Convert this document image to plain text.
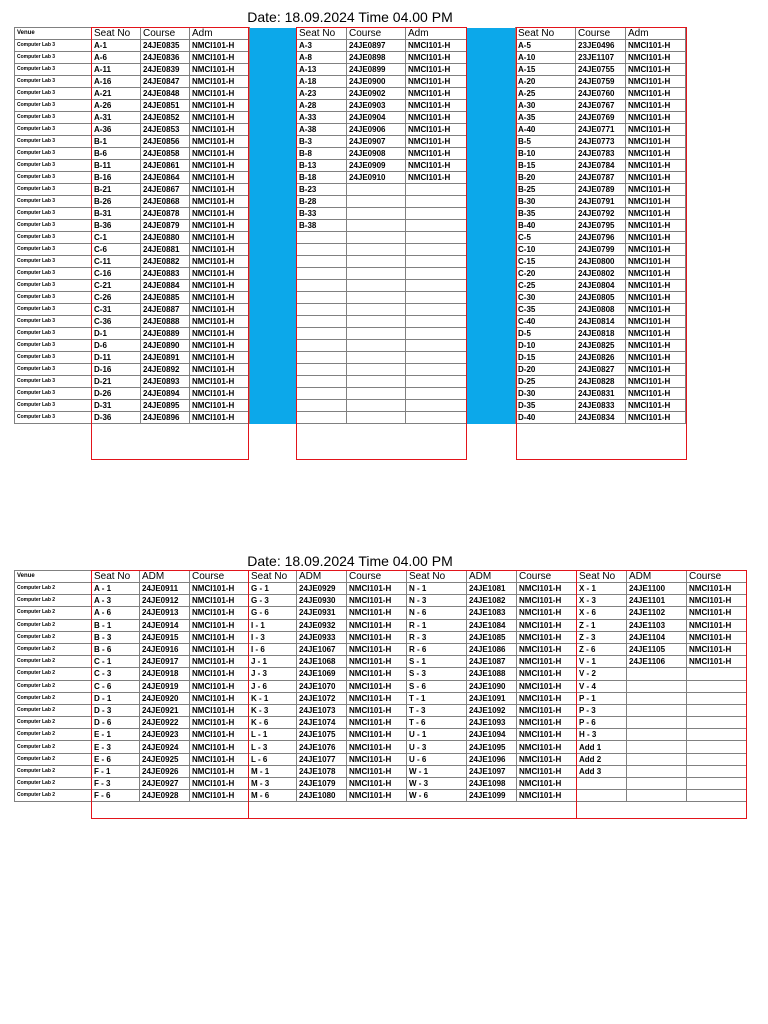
Date: 18.09.2024 Time 04.00 PM
Venue	Seat No	Course	Adm		Seat No	Course	Adm		Seat No	Course	Adm
Computer Lab 3	A-1	24JE0835	NMCI101-H		A-3	24JE0897	NMCI101-H		A-5	23JE0496	NMCI101-H
Computer Lab 3	A-6	24JE0836	NMCI101-H		A-8	24JE0898	NMCI101-H		A-10	23JE1107	NMCI101-H
Computer Lab 3	A-11	24JE0839	NMCI101-H		A-13	24JE0899	NMCI101-H		A-15	24JE0755	NMCI101-H
Computer Lab 3	A-16	24JE0847	NMCI101-H		A-18	24JE0900	NMCI101-H		A-20	24JE0759	NMCI101-H
Computer Lab 3	A-21	24JE0848	NMCI101-H		A-23	24JE0902	NMCI101-H		A-25	24JE0760	NMCI101-H
Computer Lab 3	A-26	24JE0851	NMCI101-H		A-28	24JE0903	NMCI101-H		A-30	24JE0767	NMCI101-H
Computer Lab 3	A-31	24JE0852	NMCI101-H		A-33	24JE0904	NMCI101-H		A-35	24JE0769	NMCI101-H
Computer Lab 3	A-36	24JE0853	NMCI101-H		A-38	24JE0906	NMCI101-H		A-40	24JE0771	NMCI101-H
Computer Lab 3	B-1	24JE0856	NMCI101-H		B-3	24JE0907	NMCI101-H		B-5	24JE0773	NMCI101-H
Computer Lab 3	B-6	24JE0858	NMCI101-H		B-8	24JE0908	NMCI101-H		B-10	24JE0783	NMCI101-H
Computer Lab 3	B-11	24JE0861	NMCI101-H		B-13	24JE0909	NMCI101-H		B-15	24JE0784	NMCI101-H
Computer Lab 3	B-16	24JE0864	NMCI101-H		B-18	24JE0910	NMCI101-H		B-20	24JE0787	NMCI101-H
Computer Lab 3	B-21	24JE0867	NMCI101-H		B-23				B-25	24JE0789	NMCI101-H
Computer Lab 3	B-26	24JE0868	NMCI101-H		B-28				B-30	24JE0791	NMCI101-H
Computer Lab 3	B-31	24JE0878	NMCI101-H		B-33				B-35	24JE0792	NMCI101-H
Computer Lab 3	B-36	24JE0879	NMCI101-H		B-38				B-40	24JE0795	NMCI101-H
Computer Lab 3	C-1	24JE0880	NMCI101-H						C-5	24JE0796	NMCI101-H
Computer Lab 3	C-6	24JE0881	NMCI101-H						C-10	24JE0799	NMCI101-H
Computer Lab 3	C-11	24JE0882	NMCI101-H						C-15	24JE0800	NMCI101-H
Computer Lab 3	C-16	24JE0883	NMCI101-H						C-20	24JE0802	NMCI101-H
Computer Lab 3	C-21	24JE0884	NMCI101-H						C-25	24JE0804	NMCI101-H
Computer Lab 3	C-26	24JE0885	NMCI101-H						C-30	24JE0805	NMCI101-H
Computer Lab 3	C-31	24JE0887	NMCI101-H						C-35	24JE0808	NMCI101-H
Computer Lab 3	C-36	24JE0888	NMCI101-H						C-40	24JE0814	NMCI101-H
Computer Lab 3	D-1	24JE0889	NMCI101-H						D-5	24JE0818	NMCI101-H
Computer Lab 3	D-6	24JE0890	NMCI101-H						D-10	24JE0825	NMCI101-H
Computer Lab 3	D-11	24JE0891	NMCI101-H						D-15	24JE0826	NMCI101-H
Computer Lab 3	D-16	24JE0892	NMCI101-H						D-20	24JE0827	NMCI101-H
Computer Lab 3	D-21	24JE0893	NMCI101-H						D-25	24JE0828	NMCI101-H
Computer Lab 3	D-26	24JE0894	NMCI101-H						D-30	24JE0831	NMCI101-H
Computer Lab 3	D-31	24JE0895	NMCI101-H						D-35	24JE0833	NMCI101-H
Computer Lab 3	D-36	24JE0896	NMCI101-H						D-40	24JE0834	NMCI101-H
Date: 18.09.2024 Time 04.00 PM
Venue	Seat No	ADM	Course	Seat No	ADM	Course	Seat No	ADM	Course	Seat No	ADM	Course
Computer Lab 2	A - 1	24JE0911	NMCI101-H	G - 1	24JE0929	NMCI101-H	N - 1	24JE1081	NMCI101-H	X - 1	24JE1100	NMCI101-H
Computer Lab 2	A - 3	24JE0912	NMCI101-H	G - 3	24JE0930	NMCI101-H	N - 3	24JE1082	NMCI101-H	X - 3	24JE1101	NMCI101-H
Computer Lab 2	A - 6	24JE0913	NMCI101-H	G - 6	24JE0931	NMCI101-H	N - 6	24JE1083	NMCI101-H	X - 6	24JE1102	NMCI101-H
Computer Lab 2	B - 1	24JE0914	NMCI101-H	I - 1	24JE0932	NMCI101-H	R - 1	24JE1084	NMCI101-H	Z - 1	24JE1103	NMCI101-H
Computer Lab 2	B - 3	24JE0915	NMCI101-H	I - 3	24JE0933	NMCI101-H	R - 3	24JE1085	NMCI101-H	Z - 3	24JE1104	NMCI101-H
Computer Lab 2	B - 6	24JE0916	NMCI101-H	I - 6	24JE1067	NMCI101-H	R - 6	24JE1086	NMCI101-H	Z - 6	24JE1105	NMCI101-H
Computer Lab 2	C - 1	24JE0917	NMCI101-H	J - 1	24JE1068	NMCI101-H	S - 1	24JE1087	NMCI101-H	V - 1	24JE1106	NMCI101-H
Computer Lab 2	C - 3	24JE0918	NMCI101-H	J - 3	24JE1069	NMCI101-H	S - 3	24JE1088	NMCI101-H	V - 2		
Computer Lab 2	C - 6	24JE0919	NMCI101-H	J - 6	24JE1070	NMCI101-H	S - 6	24JE1090	NMCI101-H	V - 4		
Computer Lab 2	D - 1	24JE0920	NMCI101-H	K - 1	24JE1072	NMCI101-H	T - 1	24JE1091	NMCI101-H	P - 1		
Computer Lab 2	D - 3	24JE0921	NMCI101-H	K - 3	24JE1073	NMCI101-H	T - 3	24JE1092	NMCI101-H	P - 3		
Computer Lab 2	D - 6	24JE0922	NMCI101-H	K - 6	24JE1074	NMCI101-H	T - 6	24JE1093	NMCI101-H	P - 6		
Computer Lab 2	E - 1	24JE0923	NMCI101-H	L - 1	24JE1075	NMCI101-H	U - 1	24JE1094	NMCI101-H	H - 3		
Computer Lab 2	E - 3	24JE0924	NMCI101-H	L - 3	24JE1076	NMCI101-H	U - 3	24JE1095	NMCI101-H	Add 1		
Computer Lab 2	E - 6	24JE0925	NMCI101-H	L - 6	24JE1077	NMCI101-H	U - 6	24JE1096	NMCI101-H	Add 2		
Computer Lab 2	F - 1	24JE0926	NMCI101-H	M - 1	24JE1078	NMCI101-H	W - 1	24JE1097	NMCI101-H	Add 3		
Computer Lab 2	F - 3	24JE0927	NMCI101-H	M - 3	24JE1079	NMCI101-H	W - 3	24JE1098	NMCI101-H			
Computer Lab 2	F - 6	24JE0928	NMCI101-H	M - 6	24JE1080	NMCI101-H	W - 6	24JE1099	NMCI101-H			
